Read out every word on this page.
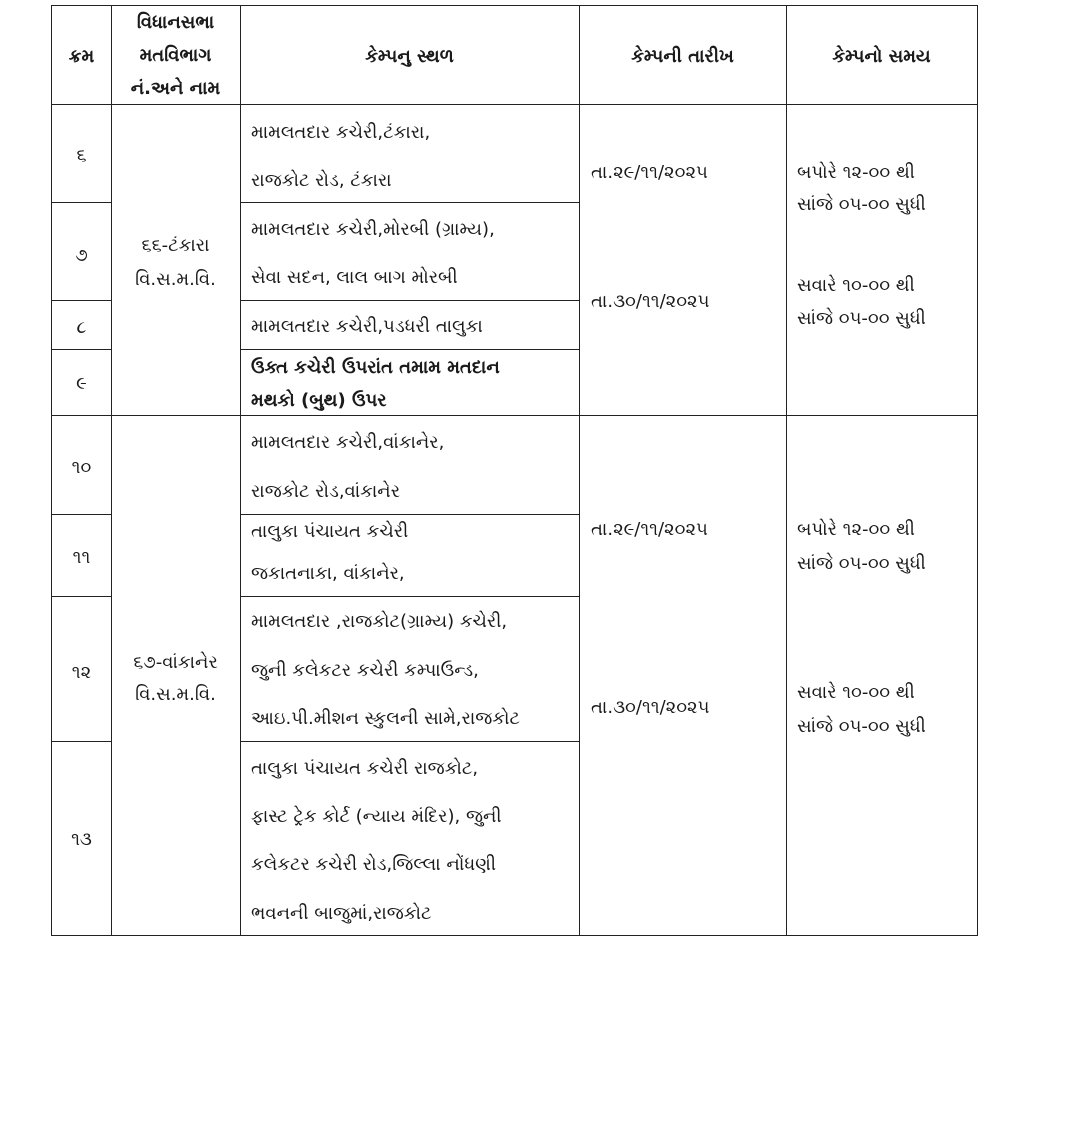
ક્રમ
વિધાનસભા
મતવિભાગ
નં.અને નામ
કેમ્પનુ સ્થળ	કેમ્પની તારીખ	કેમ્પનો સમય
૬
૭
૮
૯
૬૬-ટંકારા
વિ.સ.મ.વિ.
મામલતદાર કચેરી,ટંકારા,
રાજકોટ રોડ, ટંકારા
મામલતદાર કચેરી,મોરબી (ગ્રામ્ય),
સેવા સદન, લાલ બાગ મોરબી
મામલતદાર કચેરી,પડધરી તાલુકા
ઉક્ત કચેરી ઉપરાંત તમામ મતદાન
મથકો (બુથ) ઉપર
તા.૨૯/૧૧/૨૦૨૫
તા.૩૦/૧૧/૨૦૨૫
બપોરે ૧૨-૦૦ થી
સાંજે ૦૫-૦૦ સુધી
સવારે ૧૦-૦૦ થી
સાંજે ૦૫-૦૦ સુધી
૧૦
૧૧
૧૨
૧૩
૬૭-વાંકાનેર
વિ.સ.મ.વિ.
મામલતદાર કચેરી,વાંકાનેર,
રાજકોટ રોડ,વાંકાનેર
તાલુકા પંચાયત કચેરી
જકાતનાકા, વાંકાનેર,
મામલતદાર ,રાજકોટ(ગ્રામ્ય) કચેરી,
જુની કલેકટર કચેરી કમ્પાઉન્ડ,
આઇ.પી.મીશન સ્કુલની સામે,રાજકોટ
તાલુકા પંચાયત કચેરી રાજકોટ,
ફાસ્ટ ટ્રેક કોર્ટ (ન્યાય મંદિર), જુની
કલેકટર કચેરી રોડ,જિલ્લા નોંધણી
ભવનની બાજુમાં,રાજકોટ
તા.૨૯/૧૧/૨૦૨૫
તા.૩૦/૧૧/૨૦૨૫
બપોરે ૧૨-૦૦ થી
સાંજે ૦૫-૦૦ સુધી
સવારે ૧૦-૦૦ થી
સાંજે ૦૫-૦૦ સુધી
